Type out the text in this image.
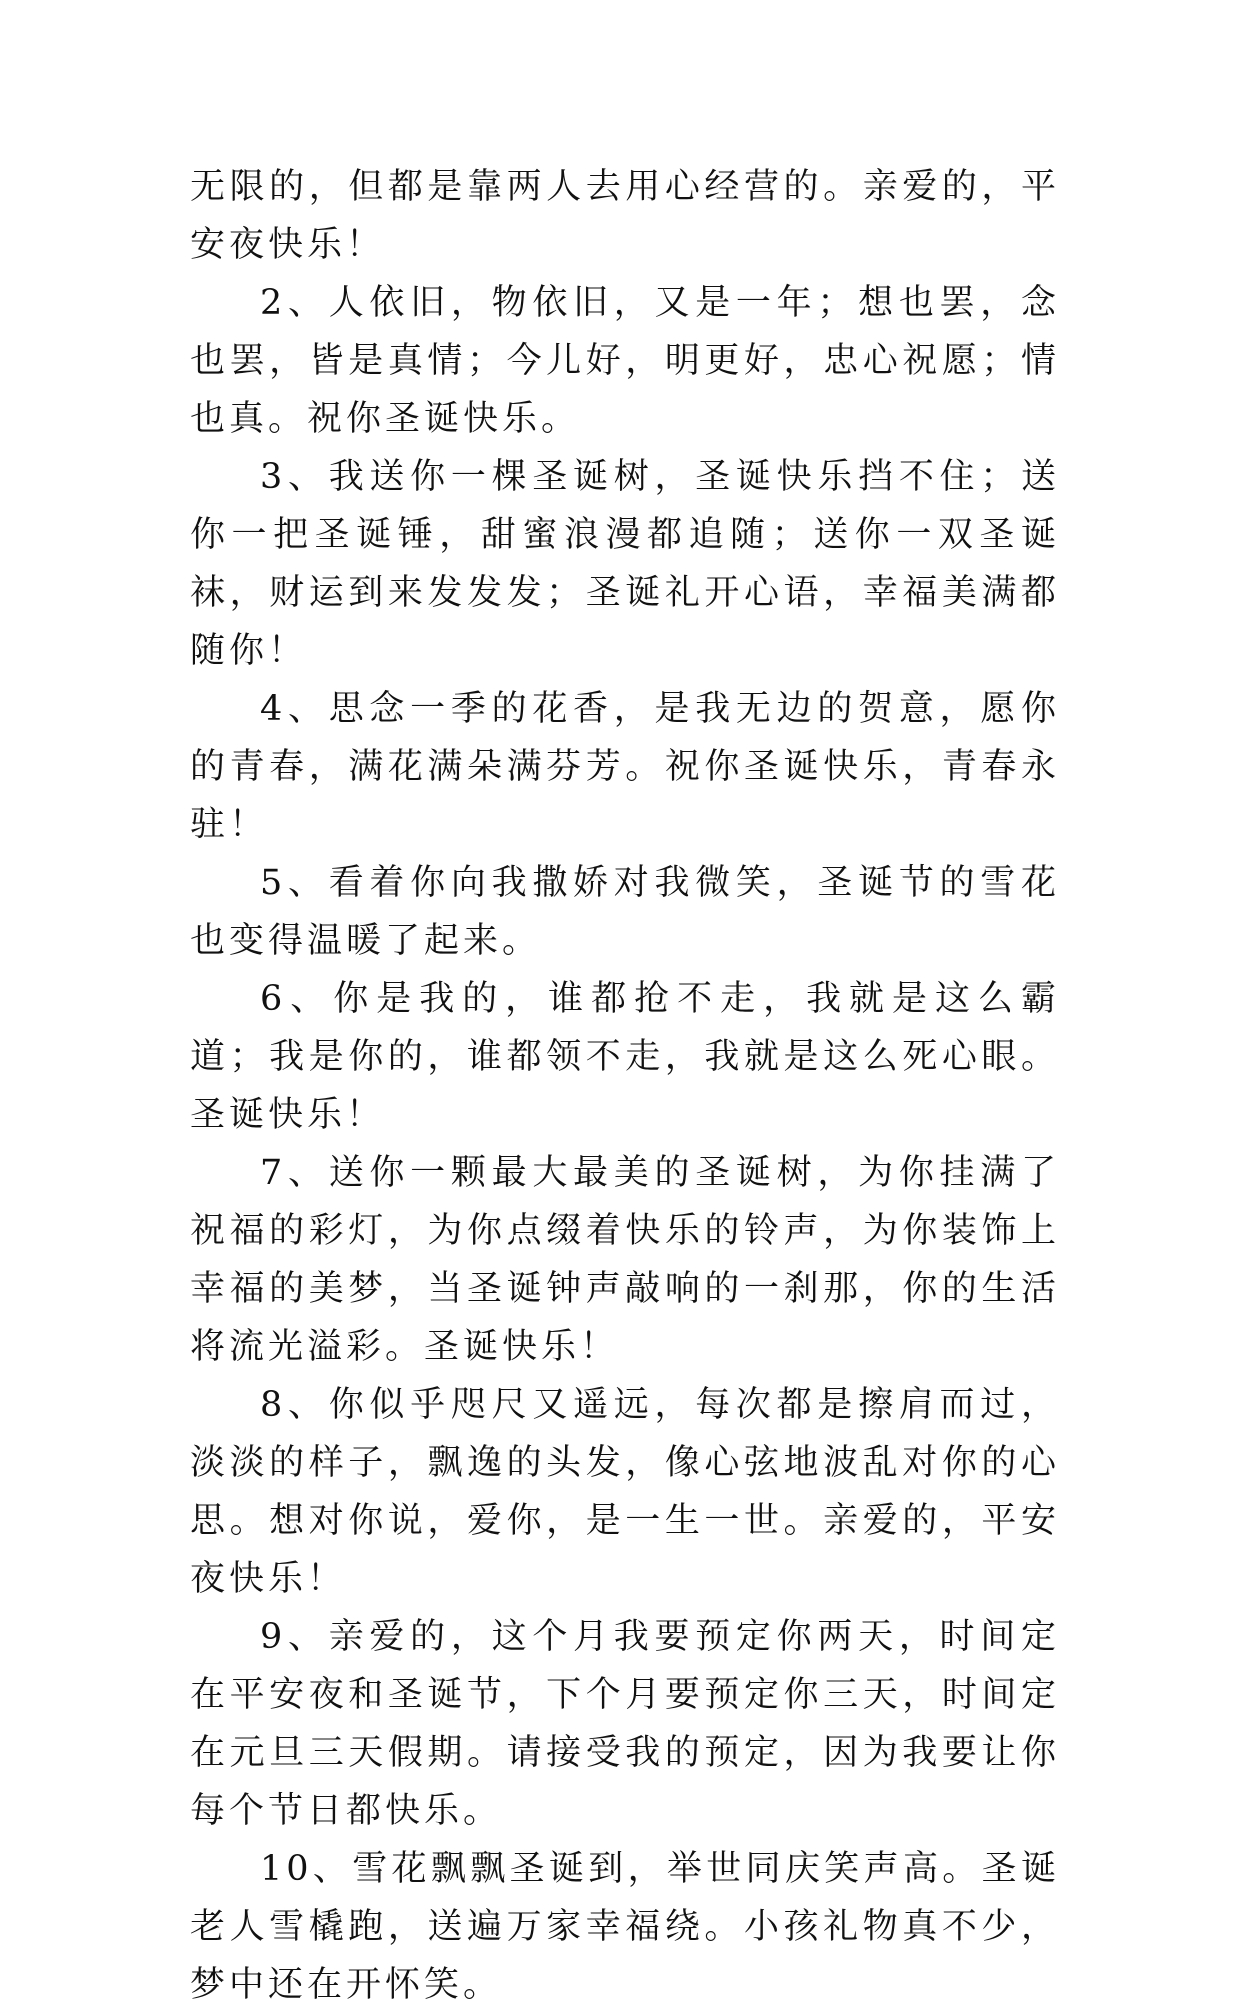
无限的，但都是靠两人去用心经营的。亲爱的，平安夜快乐！

2、人依旧，物依旧，又是一年；想也罢，念也罢，皆是真情；今儿好，明更好，忠心祝愿；情也真。祝你圣诞快乐。

3、我送你一棵圣诞树，圣诞快乐挡不住；送你一把圣诞锤，甜蜜浪漫都追随；送你一双圣诞袜，财运到来发发发；圣诞礼开心语，幸福美满都随你！

4、思念一季的花香，是我无边的贺意，愿你的青春，满花满朵满芬芳。祝你圣诞快乐，青春永驻！

5、看着你向我撒娇对我微笑，圣诞节的雪花也变得温暖了起来。

6、你是我的，谁都抢不走，我就是这么霸道；我是你的，谁都领不走，我就是这么死心眼。圣诞快乐！

7、送你一颗最大最美的圣诞树，为你挂满了祝福的彩灯，为你点缀着快乐的铃声，为你装饰上幸福的美梦，当圣诞钟声敲响的一刹那，你的生活将流光溢彩。圣诞快乐！

8、你似乎咫尺又遥远，每次都是擦肩而过，淡淡的样子，飘逸的头发，像心弦地波乱对你的心思。想对你说，爱你，是一生一世。亲爱的，平安夜快乐！

9、亲爱的，这个月我要预定你两天，时间定在平安夜和圣诞节，下个月要预定你三天，时间定在元旦三天假期。请接受我的预定，因为我要让你每个节日都快乐。

10、雪花飘飘圣诞到，举世同庆笑声高。圣诞老人雪橇跑，送遍万家幸福绕。小孩礼物真不少，梦中还在开怀笑。
